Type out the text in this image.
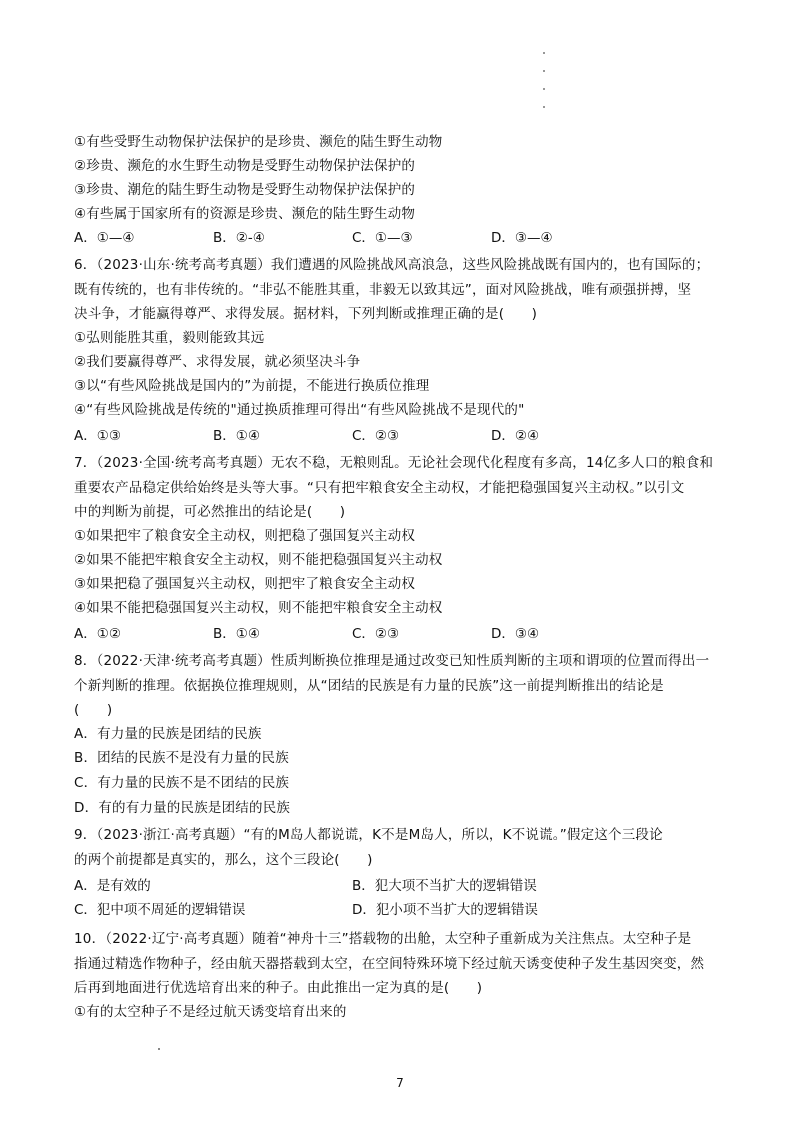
①有些受野生动物保护法保护的是珍贵、濒危的陆生野生动物
②珍贵、濒危的水生野生动物是受野生动物保护法保护的
③珍贵、潮危的陆生野生动物是受野生动物保护法保护的
④有些属于国家所有的资源是珍贵、濒危的陆生野生动物
A．①—④	B．②-④	C．①—③	D．③—④
6．（2023·山东·统考高考真题）我们遭遇的风险挑战风高浪急，这些风险挑战既有国内的，也有国际的；
既有传统的，也有非传统的。“非弘不能胜其重，非毅无以致其远”，面对风险挑战，唯有顽强拼搏，坚
决斗争，才能赢得尊严、求得发展。据材料，下列判断或推理正确的是(　　)
①弘则能胜其重，毅则能致其远
②我们要赢得尊严、求得发展，就必须坚决斗争
③以“有些风险挑战是国内的”为前提，不能进行换质位推理
④“有些风险挑战是传统的"通过换质推理可得出“有些风险挑战不是现代的"
A．①③	B．①④	C．②③	D．②④
7．（2023·全国·统考高考真题）无农不稳，无粮则乱。无论社会现代化程度有多高，14亿多人口的粮食和
重要农产品稳定供给始终是头等大事。“只有把牢粮食安全主动权，才能把稳强国复兴主动权。”以引文
中的判断为前提，可必然推出的结论是(　　)
①如果把牢了粮食安全主动权，则把稳了强国复兴主动权
②如果不能把牢粮食安全主动权，则不能把稳强国复兴主动权
③如果把稳了强国复兴主动权，则把牢了粮食安全主动权
④如果不能把稳强国复兴主动权，则不能把牢粮食安全主动权
A．①②	B．①④	C．②③	D．③④
8．（2022·天津·统考高考真题）性质判断换位推理是通过改变已知性质判断的主项和谓项的位置而得出一
个新判断的推理。依据换位推理规则，从“团结的民族是有力量的民族”这一前提判断推出的结论是
(　　)
A．有力量的民族是团结的民族
B．团结的民族不是没有力量的民族
C．有力量的民族不是不团结的民族
D．有的有力量的民族是团结的民族
9．（2023·浙江·高考真题）“有的M岛人都说谎，K不是M岛人，所以，K不说谎。”假定这个三段论
的两个前提都是真实的，那么，这个三段论(　　)
A．是有效的	B．犯大项不当扩大的逻辑错误
C．犯中项不周延的逻辑错误	D．犯小项不当扩大的逻辑错误
10．（2022·辽宁·高考真题）随着“神舟十三”搭载物的出舱，太空种子重新成为关注焦点。太空种子是
指通过精选作物种子，经由航天器搭载到太空，在空间特殊环境下经过航天诱变使种子发生基因突变，然
后再到地面进行优选培育出来的种子。由此推出一定为真的是(　　)
①有的太空种子不是经过航天诱变培育出来的
7
